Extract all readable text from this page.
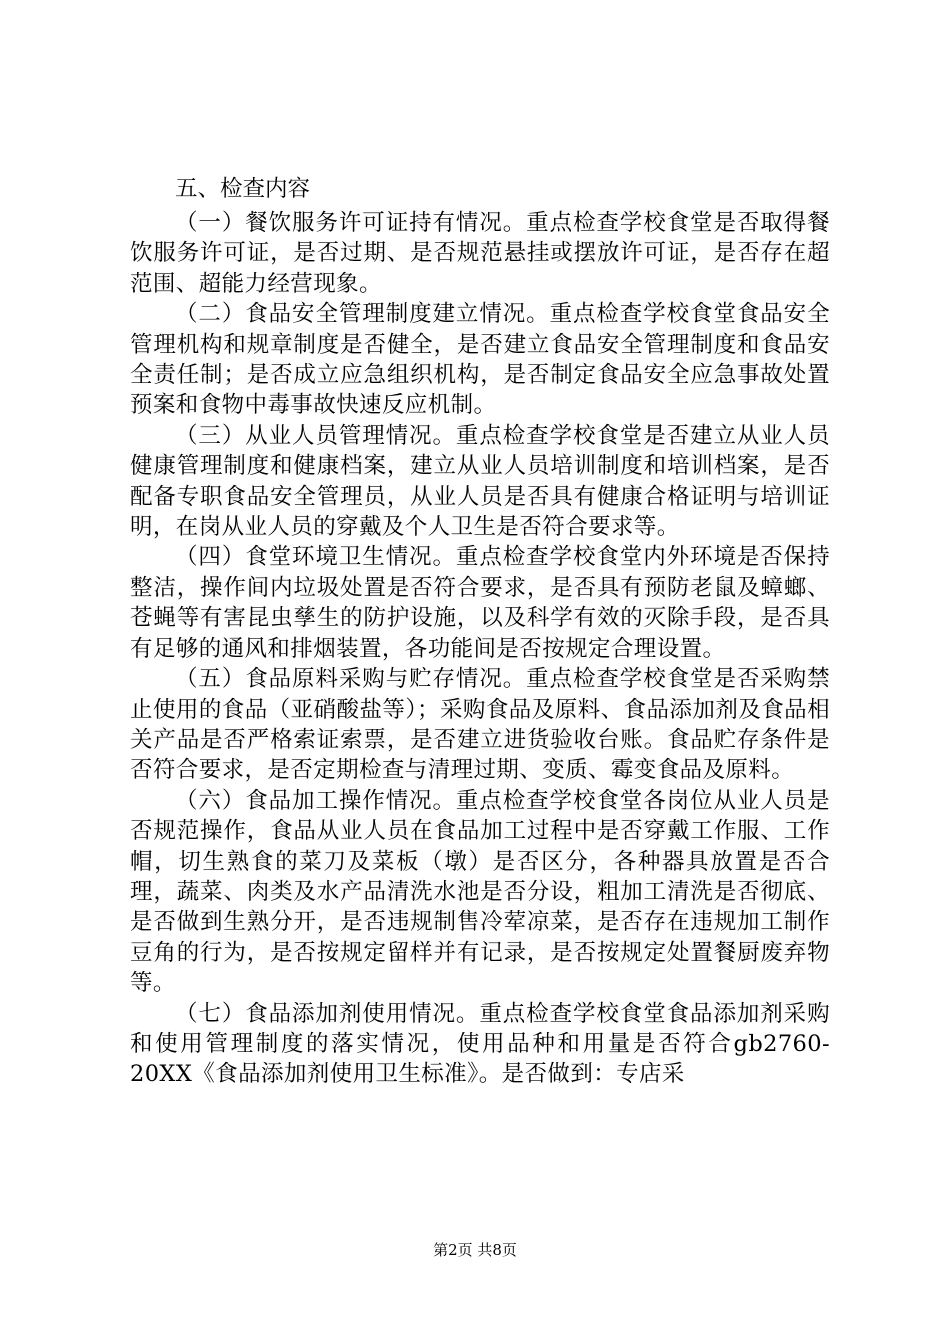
五、检查内容

（一）餐饮服务许可证持有情况。重点检查学校食堂是否取得餐饮服务许可证，是否过期、是否规范悬挂或摆放许可证，是否存在超范围、超能力经营现象。

（二）食品安全管理制度建立情况。重点检查学校食堂食品安全管理机构和规章制度是否健全，是否建立食品安全管理制度和食品安全责任制；是否成立应急组织机构，是否制定食品安全应急事故处置预案和食物中毒事故快速反应机制。

（三）从业人员管理情况。重点检查学校食堂是否建立从业人员健康管理制度和健康档案，建立从业人员培训制度和培训档案，是否配备专职食品安全管理员，从业人员是否具有健康合格证明与培训证明，在岗从业人员的穿戴及个人卫生是否符合要求等。

（四）食堂环境卫生情况。重点检查学校食堂内外环境是否保持整洁，操作间内垃圾处置是否符合要求，是否具有预防老鼠及蟑螂、苍蝇等有害昆虫孳生的防护设施，以及科学有效的灭除手段，是否具有足够的通风和排烟装置，各功能间是否按规定合理设置。

（五）食品原料采购与贮存情况。重点检查学校食堂是否采购禁止使用的食品（亚硝酸盐等）；采购食品及原料、食品添加剂及食品相关产品是否严格索证索票，是否建立进货验收台账。食品贮存条件是否符合要求，是否定期检查与清理过期、变质、霉变食品及原料。

（六）食品加工操作情况。重点检查学校食堂各岗位从业人员是否规范操作，食品从业人员在食品加工过程中是否穿戴工作服、工作帽，切生熟食的菜刀及菜板（墩）是否区分，各种器具放置是否合理，蔬菜、肉类及水产品清洗水池是否分设，粗加工清洗是否彻底、是否做到生熟分开，是否违规制售冷荤凉菜，是否存在违规加工制作豆角的行为，是否按规定留样并有记录，是否按规定处置餐厨废弃物等。

（七）食品添加剂使用情况。重点检查学校食堂食品添加剂采购和使用管理制度的落实情况，使用品种和用量是否符合gb2760-20XX《食品添加剂使用卫生标准》。是否做到：专店采

第2页 共8页
